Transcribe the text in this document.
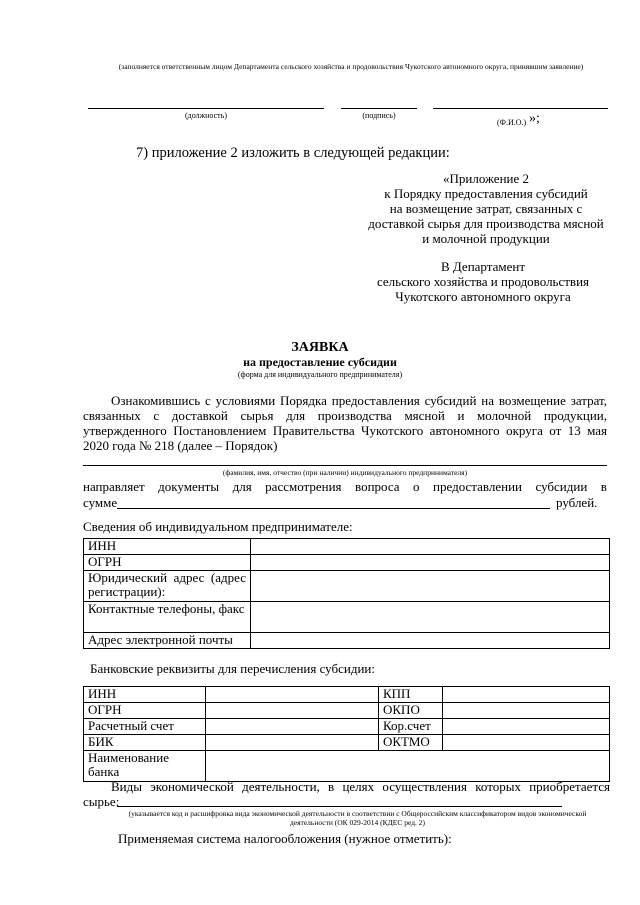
(заполняется ответственным лицом Департамента сельского хозяйства и продовольствия Чукотского автономного округа, принявшим заявление)
(должность)	(подпись)
(Ф.И.О.) »;
7) приложение 2 изложить в следующей редакции:
«Приложение 2
к Порядку предоставления субсидий
на возмещение затрат, связанных с
доставкой сырья для производства мясной
и молочной продукции
В Департамент
сельского хозяйства и продовольствия
Чукотского автономного округа
ЗАЯВКА
на предоставление субсидии
(форма для индивидуального предпринимателя)
Ознакомившись с условиями Порядка предоставления субсидий на возмещение затрат, связанных с доставкой сырья для производства мясной и молочной продукции, утвержденного Постановлением Правительства Чукотского автономного округа от 13 мая 2020 года № 218 (далее – Порядок)
(фамилия, имя, отчество (при наличии) индивидуального предпринимателя)
направляет документы для рассмотрения вопроса о предоставлении субсидии в
сумме	рублей.
Сведения об индивидуальном предпринимателе:
ИНН	
ОГРН	
Юридический адрес (адрес регистрации):	
Контактные телефоны, факс	
Адрес электронной почты	
Банковские реквизиты для перечисления субсидии:
ИНН		КПП	
ОГРН		ОКПО	
Расчетный счет		Кор.счет	
БИК		ОКТМО	
Наименование банка			
Виды экономической деятельности, в целях осуществления которых приобретается сырье:
(указывается код и расшифровка вида экономической деятельности в соответствии с Общероссийским классификатором видов экономической деятельности (ОК 029-2014 (КДЕС ред. 2)
Применяемая система налогообложения (нужное отметить):
